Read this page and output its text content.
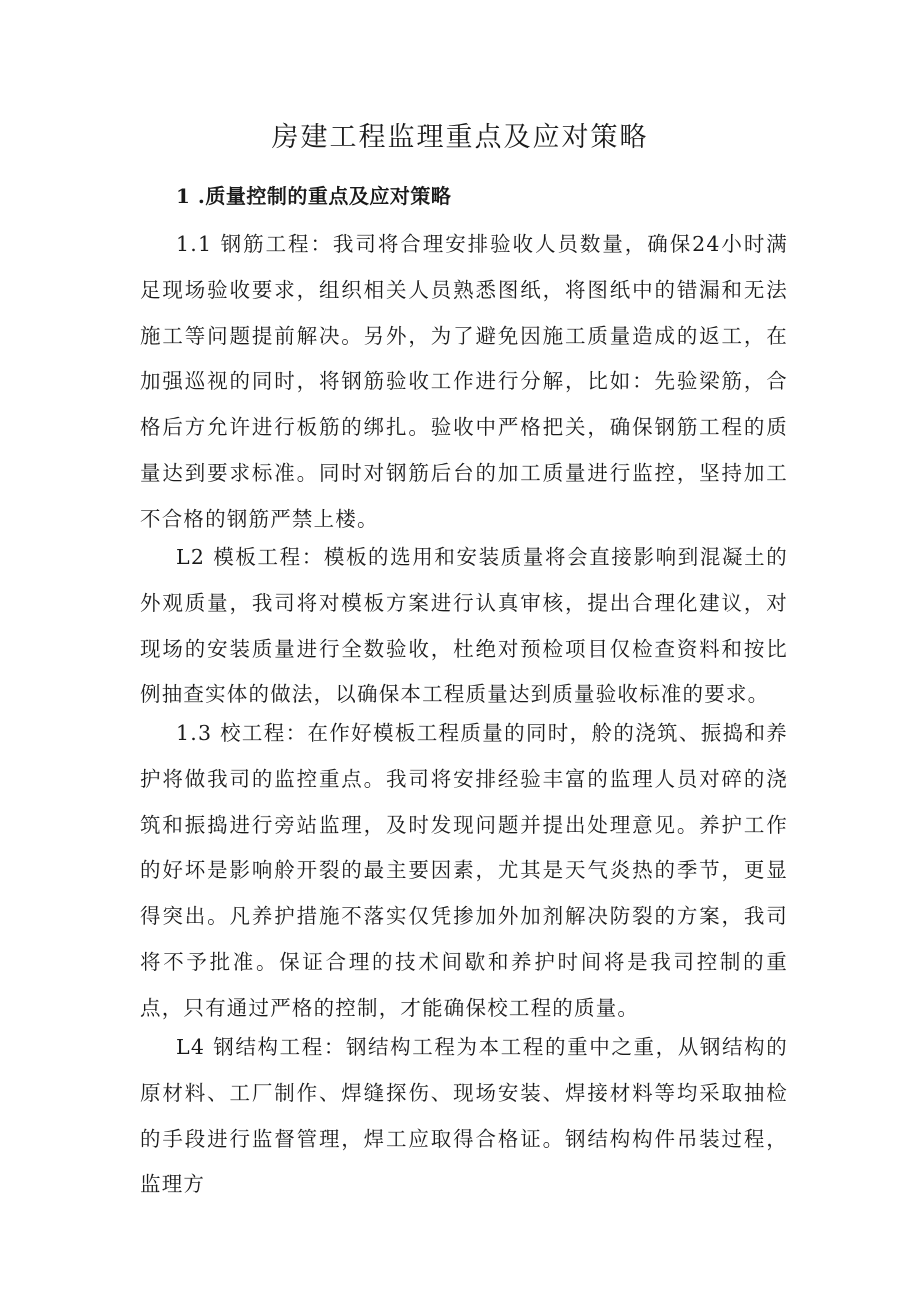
房建工程监理重点及应对策略
1 .质量控制的重点及应对策略

1.1 钢筋工程：我司将合理安排验收人员数量，确保24小时满足现场验收要求，组织相关人员熟悉图纸，将图纸中的错漏和无法施工等问题提前解决。另外，为了避免因施工质量造成的返工，在加强巡视的同时，将钢筋验收工作进行分解，比如：先验梁筋，合格后方允许进行板筋的绑扎。验收中严格把关，确保钢筋工程的质量达到要求标准。同时对钢筋后台的加工质量进行监控，坚持加工不合格的钢筋严禁上楼。

L2 模板工程：模板的选用和安装质量将会直接影响到混凝土的外观质量，我司将对模板方案进行认真审核，提出合理化建议，对现场的安装质量进行全数验收，杜绝对预检项目仅检查资料和按比例抽查实体的做法，以确保本工程质量达到质量验收标准的要求。

1.3 校工程：在作好模板工程质量的同时，舲的浇筑、振捣和养护将做我司的监控重点。我司将安排经验丰富的监理人员对碎的浇筑和振捣进行旁站监理，及时发现问题并提出处理意见。养护工作的好坏是影响舲开裂的最主要因素，尤其是天气炎热的季节，更显得突出。凡养护措施不落实仅凭掺加外加剂解决防裂的方案，我司将不予批准。保证合理的技术间歇和养护时间将是我司控制的重点，只有通过严格的控制，才能确保校工程的质量。

L4 钢结构工程：钢结构工程为本工程的重中之重，从钢结构的原材料、工厂制作、焊缝探伤、现场安装、焊接材料等均采取抽检的手段进行监督管理，焊工应取得合格证。钢结构构件吊装过程，监理方
